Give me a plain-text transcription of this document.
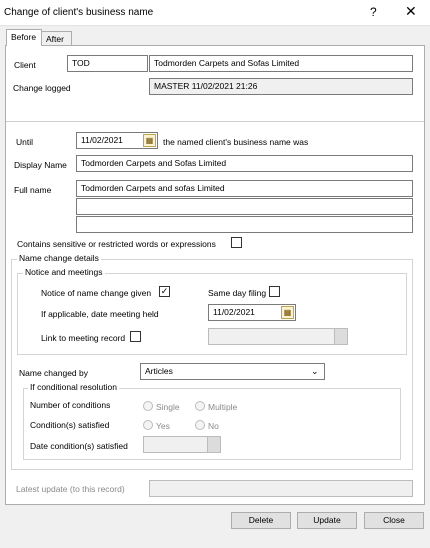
Change of client's business name	? ✕
Before	After
Client	TOD	Todmorden Carpets and Sofas Limited
Change logged	MASTER 11/02/2021 21:26
Until	11/02/2021	▦	the named client's business name was
Display Name	Todmorden Carpets and Sofas Limited
Full name	Todmorden Carpets and sofas Limited
Contains sensitive or restricted words or expressions
Name change details
Notice and meetings
Notice of name change given ✓	Same day filing
If applicable, date meeting held	11/02/2021	▦
Link to meeting record
Name changed by	Articles	⌄
If conditional resolution
Number of conditions	Single	Multiple
Condition(s) satisfied	Yes	No
Date condition(s) satisfied
Latest update (to this record)
Delete	Update	Close
